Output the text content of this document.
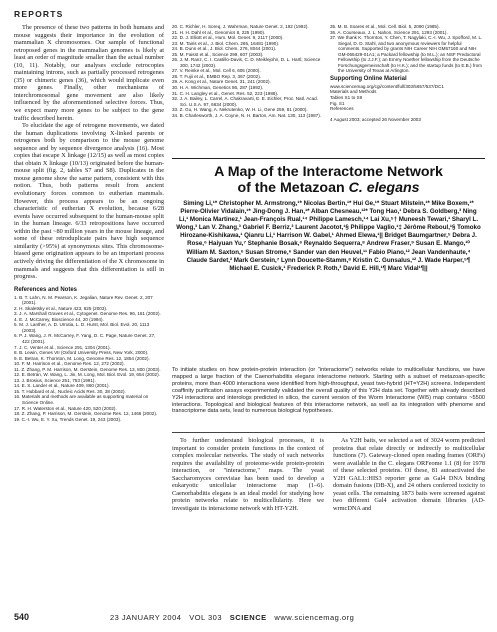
REPORTS

The presence of these two patterns in both humans and mouse suggests their importance in the evolution of mammalian X chromosomes. Our sample of functional retroposed genes in the mammalian genomes is likely at least an order of magnitude smaller than the actual number (10, 11). Notably, our analyses exclude retrocopies maintaining introns, such as partially processed retrogenes (35) or chimeric genes (36), which would implicate even more genes. Finally, other mechanisms of interchromosomal gene movement are also likely influenced by the aforementioned selective forces. Thus, we expect many more genes to be subject to the gene traffic described herein.

To elucidate the age of retrogene movements, we dated the human duplications involving X-linked parents or retrogenes both by comparison to the mouse genome sequence and by sequence divergence analysis (16). Most copies that escape X linkage (12/15) as well as most copies that obtain X linkage (10/13) originated before the human-mouse split (fig. 2, tables S7 and S8). Duplicates in the mouse genome show the same pattern, consistent with this notion. Thus, both patterns result from ancient evolutionary forces common to eutherian mammals. However, this process appears to be an ongoing characteristic of eutherian X evolution, because 6/28 events have occurred subsequent to the human-mouse split in the human lineage. 6/33 retropositions have occurred within the past ~80 million years in the mouse lineage, and some of these retroduplicate pairs have high sequence similarity (>95%) at synonymous sites. This chromosome-biased gene origination appears to be an important process actively driving the differentiation of the X chromosome in mammals and suggests that this differentiation is still in progress.

References and Notes
1. B. T. Lahn, N. M. Pearson, K. Jegalian, Nature Rev. Genet. 2, 207 (2001).
2. H. Skaletsky et al., Nature 423, 825 (2003).
3. J. A. Marshall Graves et al., Cytogenet. Genome Res. 96, 161 (2002).
4. E. J. McCarrey, Bioscience 44, 20 (1994).
5. M. J. Lanther, A. D. Urrutia, L. D. Hurst, Mol. Biol. Evol. 20, 1113 (2003).
6. P. J. Wang, J. R. McCarrey, F. Yang, D. C. Page, Nature Genet. 27, 422 (2001).
7. J. C. Venter et al., Science 291, 1304 (2001).
8. B. Lewin, Genes VII (Oxford University Press, New York, 2000).
9. E. Betran, K. Thornton, M. Long, Genome Res. 12, 1854 (2002).
10. F. M. Harrison et al., Genome Res. 12, 272 (2002).
11. Z. Zhang, P. M. Harrison, M. Gerstein, Genome Res. 13, 800 (2003).
12. E. Betrán, W. Wang, L. Jin, M. Long, Mol. Biol. Evol. 19, 654 (2002).
13. J. Brosius, Science 251, 753 (1991).
14. E. S. Lander et al., Nature 409, 860 (2001).
15. T. Hubbard et al., Nucleic Acids Res. 30, 38 (2002).
16. Materials and methods are available as supporting material on Science Online.
17. R. H. Waterston et al., Nature 420, 520 (2002).
18. Z. Zhang, P. Harrison, M. Gerstein, Genome Res. 12, 1466 (2002).
19. C.-I. Wu, E. Y. Xu, Trends Genet. 19, 243 (2003).
20. C. Richler, H. Soreq, J. Wahrman, Nature Genet. 2, 192 (1992).
21. H. H. Dahl et al., Genomics 8, 225 (1990).
22. D. J. Elliott et al., Hum. Mol. Genet. 9, 2117 (2000).
23. M. Tairis et al., J. Biol. Chem. 265, 16481 (1990).
24. B. Dunn et al., J. Biol. Chem. 276, 8044 (2001).
25. M. Faisst et al., Science 299, 607 (2003).
26. J. M. Ranz, C. I. Castillo-Davis, C. D. Meiklejohn, D. L. Hartl, Science 300, 1742 (2003).
27. V. Reinke et al., Mol. Cell 6, 605 (2000).
28. T. Fujii et al., EMBO Rep. 3, 367 (2002).
29. A. Kong et al., Nature Genet. 31, 241 (2002).
30. H. A. Wichman, Genetics 86, 287 (1992).
31. C. H. Langley et al., Genet. Res. 52, 223 (1988).
32. J. A. Bailey, L. Carrel, A. Chakravarti, E. E. Eichler, Proc. Natl. Acad. Sci. U.S.A. 97, 6634 (2000).
33. Z. Gu, H. Wang, A. Nekrutenko, W. H. Li, Gene 259, 81 (2000).
34. B. Charlesworth, J. A. Coyne, N. H. Barton, Am. Nat. 130, 113 (1987).
35. M. B. Soares et al., Mol. Cell. Biol. 5, 2090 (1985).
36. A. Courseaux, J. L. Nahon, Science 291, 1293 (2001).
37. We thank K. Thornton, Y. Chen, T. Nagylaki, C.-I. Wu, J. Spofford, M. L. Siegal, D. D. Stahl, and two anonymous reviewers for helpful comments. Supported by grants NIH Career NIH GM57160 and NIH GM-065429-01A1; a Packard fellowship (to M.L.); an NSF Predoctoral Fellowship (to J.J.F.); an Emmy Noether fellowship from the Deutsche Forschungsgemeinschaft (to H.K.); and the startup funds (to E.B.) from the University of Texas at Arlington.
Supporting Online Material
www.sciencemag.org/cgi/content/full/303/5657/537/DC1
Materials and Methods
Tables S1 to S9
Fig. S1
References

4 August 2003; accepted 26 November 2003
A Map of the Interactome Network
of the Metazoan C. elegans
Siming Li,¹* Christopher M. Armstrong,¹* Nicolas Bertin,¹* Hui Ge,¹* Stuart Milstein,¹* Mike Boxem,¹* Pierre-Olivier Vidalain,¹* Jing-Dong J. Han,¹* Alban Chesneau,¹²* Tong Hao,¹ Debra S. Goldberg,³ Ning Li,¹ Monica Martinez,¹ Jean-François Rual,¹⁴ Philippe Lamesch,¹⁴ Lai Xu,⁵† Muneesh Tewari,¹ Sharyl L. Wong,³ Lan V. Zhang,³ Gabriel F. Berriz,³ Laurent Jacotot,¹§ Philippe Vaglio,¹‡ Jérôme Reboul,¹§ Tomoko Hirozane-Kishikawa,¹ Qianru Li,¹ Harrison W. Gabel,¹ Ahmed Elewa,¹|| Bridget Baumgartner,⁵ Debra J. Rose,⁶ Haiyuan Yu,⁷ Stephanie Bosak,⁶ Reynaldo Sequerra,⁸ Andrew Fraser,⁹ Susan E. Mango,¹⁰ William M. Saxton,⁶ Susan Strome,⁶ Sander van den Heuvel,¹¹ Fabio Piano,¹² Jean Vandenhaute,⁴ Claude Sardet,² Mark Gerstein,⁷ Lynn Doucette-Stamm,⁸ Kristin C. Gunsalus,¹² J. Wade Harper,⁵¶ Michael E. Cusick,¹ Frederick P. Roth,³ David E. Hill,¹¶ Marc Vidal¹¶||
To initiate studies on how protein-protein interaction (or "interactome") networks relate to multicellular functions, we have mapped a large fraction of the Caenorhabditis elegans interactome network. Starting with a subset of metazoan-specific proteins, more than 4000 interactions were identified from high-throughput, yeast two-hybrid (HT=Y2H) screens. Independent coaffinity purification assays experimentally validated the overall quality of this Y2H data set. Together with already described Y2H interactions and interologs predicted in silico, the current version of the Worm Interactome (WI5) map contains ~5500 interactions. Topological and biological features of this interactome network, as well as its integration with phenome and transcriptome data sets, lead to numerous biological hypotheses.

To further understand biological processes, it is important to consider protein functions in the context of complex molecular networks. The study of such networks requires the availability of proteome-wide protein-protein interaction, or "interactome," maps. The yeast Saccharomyces cerevisiae has been used to develop a eukaryotic unicellular interactome map (1–6). Caenorhabditis elegans is an ideal model for studying how protein networks relate to multicellularity. Here we investigate its interactome network with HT-Y2H.

As Y2H baits, we selected a set of 3024 worm predicted proteins that relate directly or indirectly to multicellular functions (7). Gateway-cloned open reading frames (ORFs) were available in the C. elegans ORFeome 1.1 (8) for 1978 of these selected proteins. Of these, 81 autoactivated the Y2H GAL1::HIS3 reporter gene as Gal4 DNA binding domain fusions (DB-X), and 24 others conferred toxicity to yeast cells. The remaining 1873 baits were screened against two different Gal4 activation domain libraries (AD-wrmcDNA and

540	23 JANUARY 2004 VOL 303 SCIENCE www.sciencemag.org
